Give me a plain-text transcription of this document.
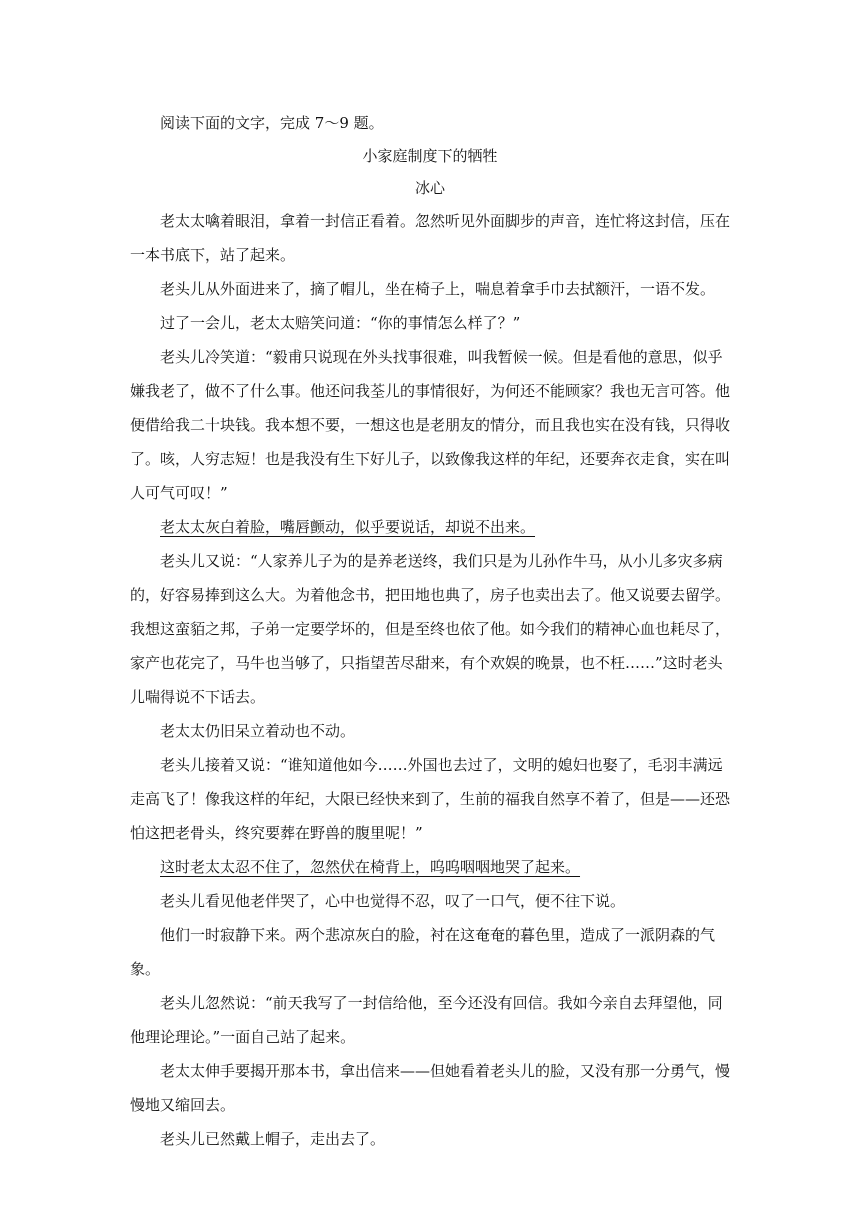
阅读下面的文字，完成 7～9 题。

小家庭制度下的牺牲

冰心

老太太噙着眼泪，拿着一封信正看着。忽然听见外面脚步的声音，连忙将这封信，压在一本书底下，站了起来。

老头儿从外面进来了，摘了帽儿，坐在椅子上，喘息着拿手巾去拭额汗，一语不发。

过了一会儿，老太太赔笑问道：“你的事情怎么样了？”

老头儿冷笑道：“毅甫只说现在外头找事很难，叫我暂候一候。但是看他的意思，似乎嫌我老了，做不了什么事。他还问我荃儿的事情很好，为何还不能顾家？我也无言可答。他便借给我二十块钱。我本想不要，一想这也是老朋友的情分，而且我也实在没有钱，只得收了。咳，人穷志短！也是我没有生下好儿子，以致像我这样的年纪，还要奔衣走食，实在叫人可气可叹！”

老太太灰白着脸，嘴唇颤动，似乎要说话，却说不出来。

老头儿又说：“人家养儿子为的是养老送终，我们只是为儿孙作牛马，从小儿多灾多病的，好容易捧到这么大。为着他念书，把田地也典了，房子也卖出去了。他又说要去留学。我想这蛮貊之邦，子弟一定要学坏的，但是至终也依了他。如今我们的精神心血也耗尽了，家产也花完了，马牛也当够了，只指望苦尽甜来，有个欢娱的晚景，也不枉……”这时老头儿喘得说不下话去。

老太太仍旧呆立着动也不动。

老头儿接着又说：“谁知道他如今……外国也去过了，文明的媳妇也娶了，毛羽丰满远走高飞了！像我这样的年纪，大限已经快来到了，生前的福我自然享不着了，但是——还恐怕这把老骨头，终究要葬在野兽的腹里呢！”

这时老太太忍不住了，忽然伏在椅背上，呜呜咽咽地哭了起来。

老头儿看见他老伴哭了，心中也觉得不忍，叹了一口气，便不往下说。

他们一时寂静下来。两个悲凉灰白的脸，衬在这奄奄的暮色里，造成了一派阴森的气象。

老头儿忽然说：“前天我写了一封信给他，至今还没有回信。我如今亲自去拜望他，同他理论理论。”一面自己站了起来。

老太太伸手要揭开那本书，拿出信来——但她看着老头儿的脸，又没有那一分勇气，慢慢地又缩回去。

老头儿已然戴上帽子，走出去了。
